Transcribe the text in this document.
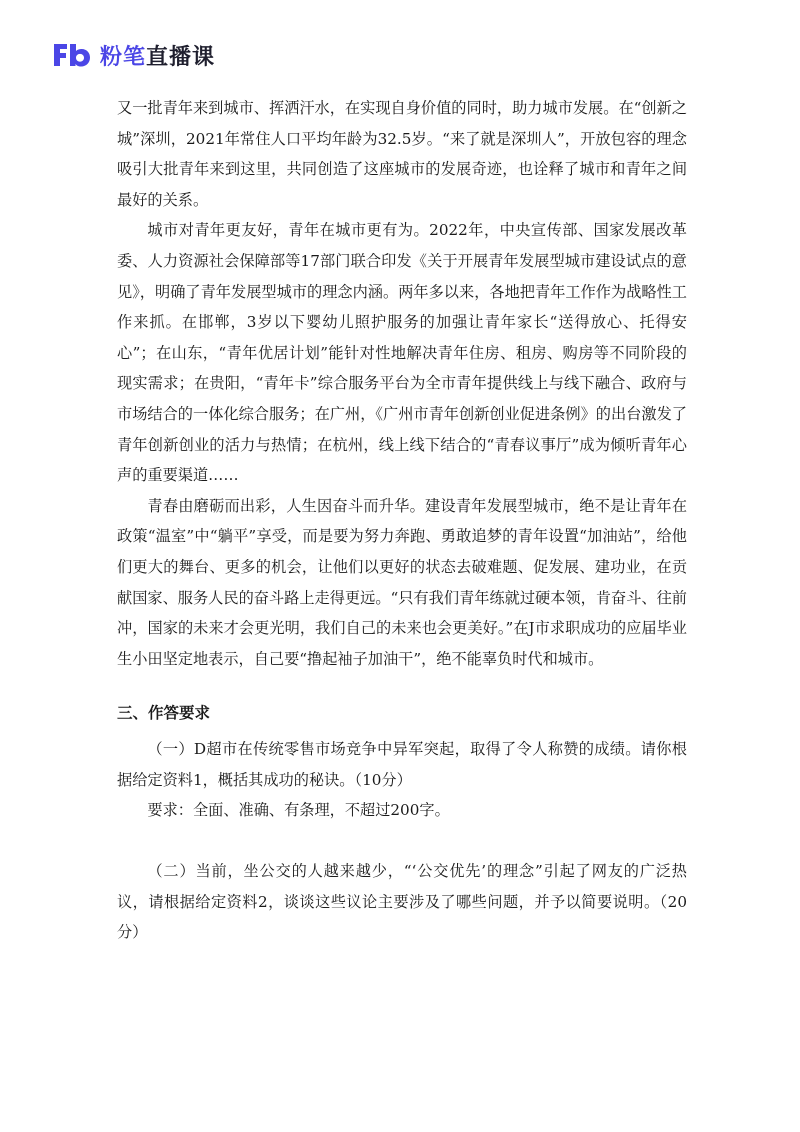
粉笔直播课

又一批青年来到城市、挥洒汗水，在实现自身价值的同时，助力城市发展。在“创新之城”深圳，2021年常住人口平均年龄为32.5岁。“来了就是深圳人”，开放包容的理念吸引大批青年来到这里，共同创造了这座城市的发展奇迹，也诠释了城市和青年之间最好的关系。

城市对青年更友好，青年在城市更有为。2022年，中央宣传部、国家发展改革委、人力资源社会保障部等17部门联合印发《关于开展青年发展型城市建设试点的意见》，明确了青年发展型城市的理念内涵。两年多以来，各地把青年工作作为战略性工作来抓。在邯郸，3岁以下婴幼儿照护服务的加强让青年家长“送得放心、托得安心”；在山东，“青年优居计划”能针对性地解决青年住房、租房、购房等不同阶段的现实需求；在贵阳，“青年卡”综合服务平台为全市青年提供线上与线下融合、政府与市场结合的一体化综合服务；在广州，《广州市青年创新创业促进条例》的出台激发了青年创新创业的活力与热情；在杭州，线上线下结合的“青春议事厅”成为倾听青年心声的重要渠道……

青春由磨砺而出彩，人生因奋斗而升华。建设青年发展型城市，绝不是让青年在政策“温室”中“躺平”享受，而是要为努力奔跑、勇敢追梦的青年设置“加油站”，给他们更大的舞台、更多的机会，让他们以更好的状态去破难题、促发展、建功业，在贡献国家、服务人民的奋斗路上走得更远。“只有我们青年练就过硬本领，肯奋斗、往前冲，国家的未来才会更光明，我们自己的未来也会更美好。”在J市求职成功的应届毕业生小田坚定地表示，自己要“撸起袖子加油干”，绝不能辜负时代和城市。

三、作答要求

（一）D超市在传统零售市场竞争中异军突起，取得了令人称赞的成绩。请你根据给定资料1，概括其成功的秘诀。（10分）

要求：全面、准确、有条理，不超过200字。

（二）当前，坐公交的人越来越少，“‘公交优先’的理念”引起了网友的广泛热议，请根据给定资料2，谈谈这些议论主要涉及了哪些问题，并予以简要说明。（20分）
